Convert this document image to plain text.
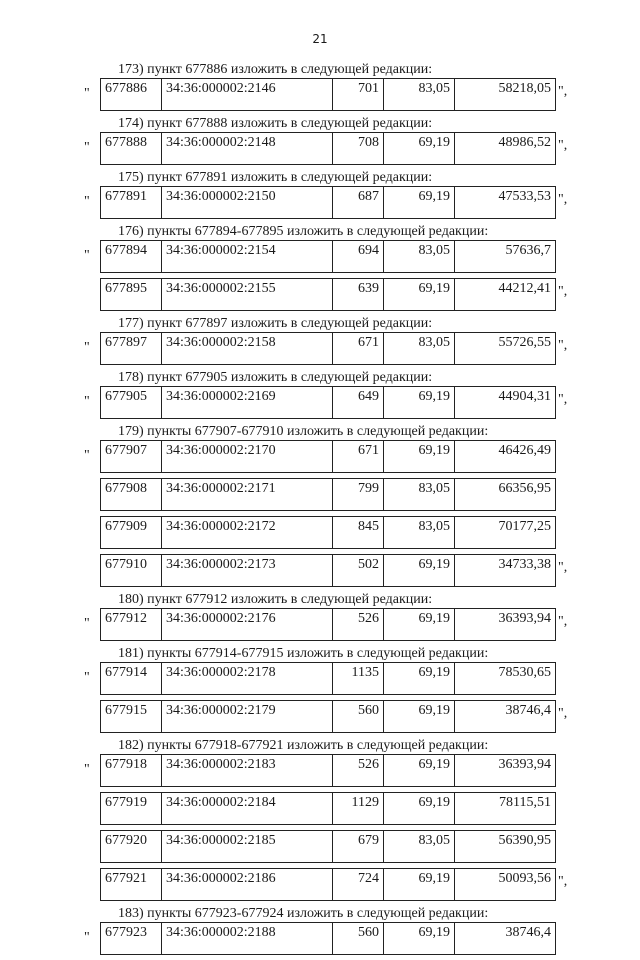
21
173) пункт 677886 изложить в следующей редакции:
" 677886	34:36:000002:2146	701	83,05	58218,05 ",
174) пункт 677888 изложить в следующей редакции:
" 677888	34:36:000002:2148	708	69,19	48986,52 ",
175) пункт 677891 изложить в следующей редакции:
" 677891	34:36:000002:2150	687	69,19	47533,53 ",
176) пункты 677894-677895 изложить в следующей редакции:
" 677894	34:36:000002:2154	694	83,05	57636,7
677895	34:36:000002:2155	639	69,19	44212,41 ",
177) пункт 677897 изложить в следующей редакции:
" 677897	34:36:000002:2158	671	83,05	55726,55 ",
178) пункт 677905 изложить в следующей редакции:
" 677905	34:36:000002:2169	649	69,19	44904,31 ",
179) пункты 677907-677910 изложить в следующей редакции:
" 677907	34:36:000002:2170	671	69,19	46426,49
677908	34:36:000002:2171	799	83,05	66356,95
677909	34:36:000002:2172	845	83,05	70177,25
677910	34:36:000002:2173	502	69,19	34733,38 ",
180) пункт 677912 изложить в следующей редакции:
" 677912	34:36:000002:2176	526	69,19	36393,94 ",
181) пункты 677914-677915 изложить в следующей редакции:
" 677914	34:36:000002:2178	1135	69,19	78530,65
677915	34:36:000002:2179	560	69,19	38746,4 ",
182) пункты 677918-677921 изложить в следующей редакции:
" 677918	34:36:000002:2183	526	69,19	36393,94
677919	34:36:000002:2184	1129	69,19	78115,51
677920	34:36:000002:2185	679	83,05	56390,95
677921	34:36:000002:2186	724	69,19	50093,56 ",
183) пункты 677923-677924 изложить в следующей редакции:
" 677923	34:36:000002:2188	560	69,19	38746,4
